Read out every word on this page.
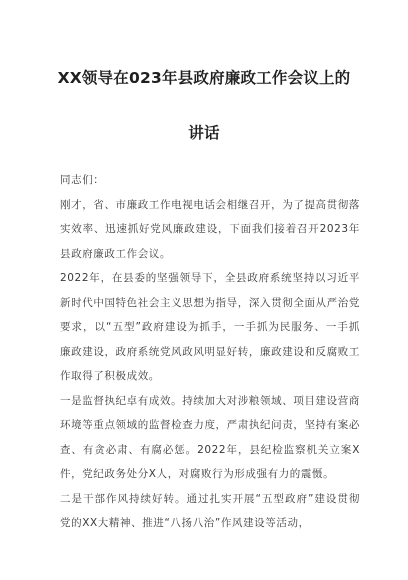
XX领导在023年县政府廉政工作会议上的
讲话

同志们：

刚才，省、市廉政工作电视电话会相继召开，为了提高贯彻落实效率、迅速抓好党风廉政建设，下面我们接着召开2023年县政府廉政工作会议。

2022年，在县委的坚强领导下，全县政府系统坚持以习近平新时代中国特色社会主义思想为指导，深入贯彻全面从严治党要求，以“五型”政府建设为抓手，一手抓为民服务、一手抓廉政建设，政府系统党风政风明显好转，廉政建设和反腐败工作取得了积极成效。

一是监督执纪卓有成效。持续加大对涉粮领域、项目建设营商环境等重点领域的监督检查力度，严肃执纪问责，坚持有案必查、有贪必肃、有腐必惩。2022年，县纪检监察机关立案X件，党纪政务处分X人，对腐败行为形成强有力的震慑。

二是干部作风持续好转。通过扎实开展“五型政府”建设贯彻党的XX大精神、推进“八扬八治”作风建设等活动，
